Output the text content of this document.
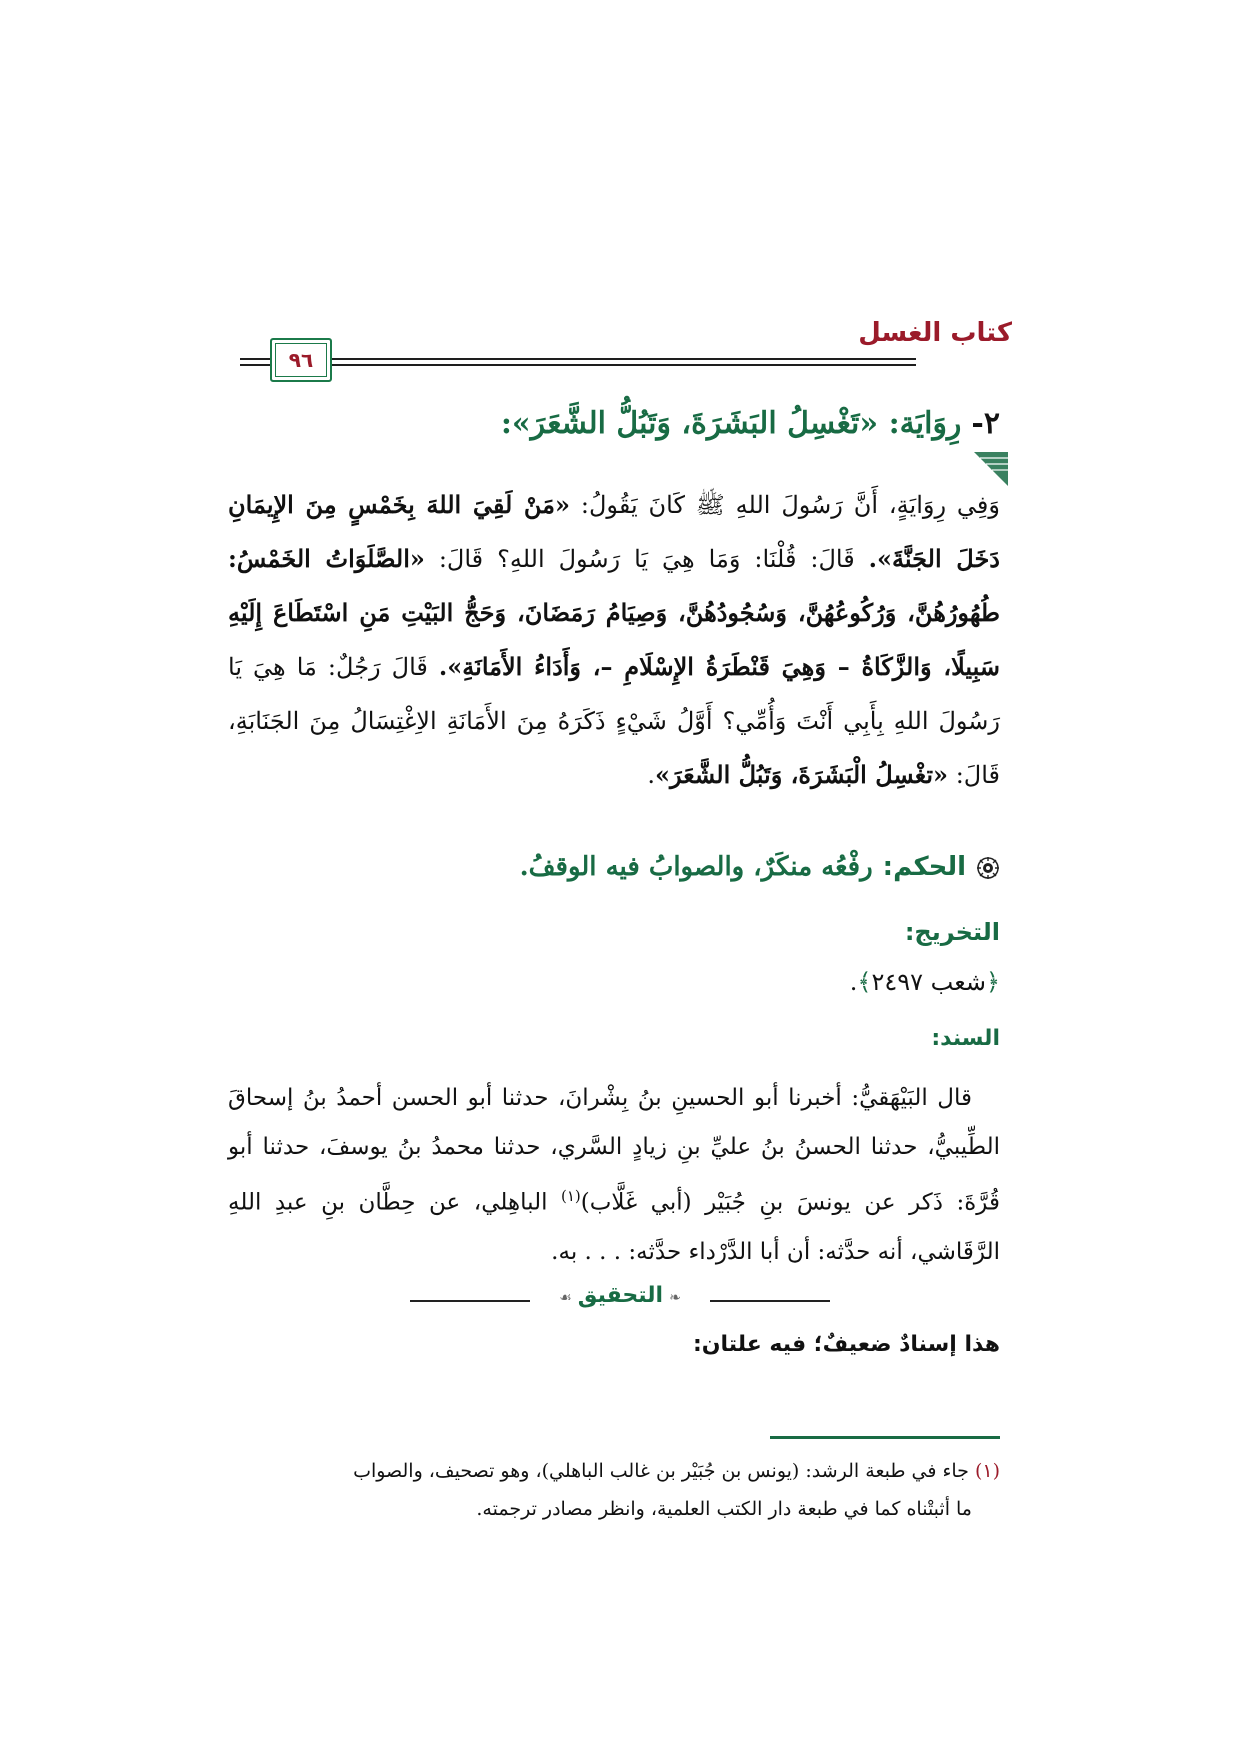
كتاب الغسل
٩٦
٢-رِوَايَة: «تَغْسِلُ البَشَرَةَ، وَتَبُلُّ الشَّعَرَ»:

وَفِي رِوَايَةٍ، أَنَّ رَسُولَ اللهِ ﷺ كَانَ يَقُولُ: «مَنْ لَقِيَ اللهَ بِخَمْسٍ مِنَ الإِيمَانِ دَخَلَ الجَنَّةَ». قَالَ: قُلْنَا: وَمَا هِيَ يَا رَسُولَ اللهِ؟ قَالَ: «الصَّلَوَاتُ الخَمْسُ: طُهُورُهُنَّ، وَرُكُوعُهُنَّ، وَسُجُودُهُنَّ، وَصِيَامُ رَمَضَانَ، وَحَجُّ البَيْتِ مَنِ اسْتَطَاعَ إِلَيْهِ سَبِيلًا، وَالزَّكَاةُ – وَهِيَ قَنْطَرَةُ الإِسْلَامِ –، وَأَدَاءُ الأَمَانَةِ». قَالَ رَجُلٌ: مَا هِيَ يَا رَسُولَ اللهِ بِأَبِي أَنْتَ وَأُمِّي؟ أَوَّلُ شَيْءٍ ذَكَرَهُ مِنَ الأَمَانَةِ الاِغْتِسَالُ مِنَ الجَنَابَةِ، قَالَ: «تغْسِلُ الْبَشَرَةَ، وَتَبُلُّ الشَّعَرَ».

الحكم:رفْعُه منكَرٌ، والصوابُ فيه الوقفُ.
التخريج:
﴿شعب ٢٤٩٧﴾.
السند:

قال البَيْهَقيُّ: أخبرنا أبو الحسينِ بنُ بِشْرانَ، حدثنا أبو الحسن أحمدُ بنُ إسحاقَ الطِّيبيُّ، حدثنا الحسنُ بنُ عليِّ بنِ زيادٍ السَّري، حدثنا محمدُ بنُ يوسفَ، حدثنا أبو قُرَّةَ: ذَكر عن يونسَ بنِ جُبَيْر (أبي غَلَّاب)$^{(١)}$ الباهِلي، عن حِطَّان بنِ عبدِ اللهِ الرَّقَاشي، أنه حدَّثه: أن أبا الدَّرْداء حدَّثه: . . . به.

❧التحقيق☙
هذا إسنادٌ ضعيفٌ؛ فيه علتان:
(١)جاء في طبعة الرشد: (يونس بن جُبَيْر بن غالب الباهلي)، وهو تصحيف، والصواب
ما أثبتْناه كما في طبعة دار الكتب العلمية، وانظر مصادر ترجمته.
